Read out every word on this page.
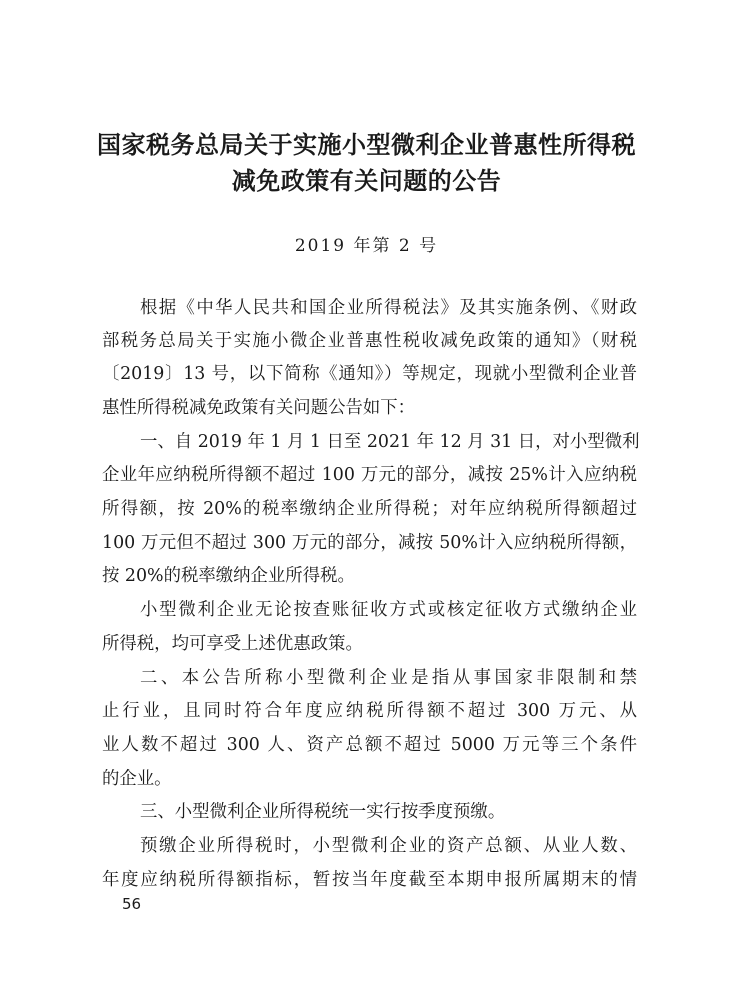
国家税务总局关于实施小型微利企业普惠性所得税
减免政策有关问题的公告
2019 年第 2 号
根据《中华人民共和国企业所得税法》及其实施条例、《财政
部税务总局关于实施小微企业普惠性税收减免政策的通知》（财税
〔2019〕13 号，以下简称《通知》）等规定，现就小型微利企业普
惠性所得税减免政策有关问题公告如下：
一、自 2019 年 1 月 1 日至 2021 年 12 月 31 日，对小型微利
企业年应纳税所得额不超过 100 万元的部分，减按 25%计入应纳税
所得额，按 20%的税率缴纳企业所得税；对年应纳税所得额超过
100 万元但不超过 300 万元的部分，减按 50%计入应纳税所得额，
按 20%的税率缴纳企业所得税。
小型微利企业无论按查账征收方式或核定征收方式缴纳企业
所得税，均可享受上述优惠政策。
二、本公告所称小型微利企业是指从事国家非限制和禁
止行业，且同时符合年度应纳税所得额不超过 300 万元、从
业人数不超过 300 人、资产总额不超过 5000 万元等三个条件
的企业。
三、小型微利企业所得税统一实行按季度预缴。
预缴企业所得税时，小型微利企业的资产总额、从业人数、
年度应纳税所得额指标，暂按当年度截至本期申报所属期末的情
56
